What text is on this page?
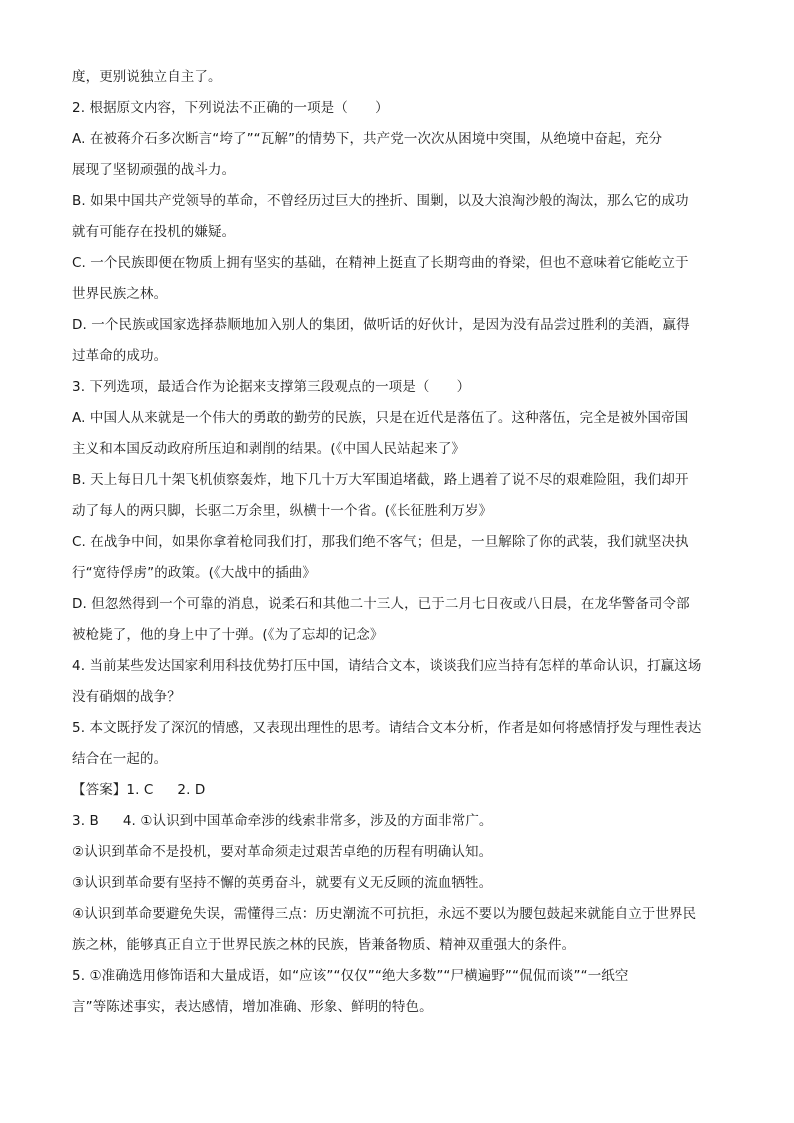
度，更别说独立自主了。
2. 根据原文内容，下列说法不正确的一项是（　　）
A. 在被蒋介石多次断言“垮了”“瓦解”的情势下，共产党一次次从困境中突围，从绝境中奋起，充分
展现了坚韧顽强的战斗力。
B. 如果中国共产党领导的革命，不曾经历过巨大的挫折、围剿，以及大浪淘沙般的淘汰，那么它的成功
就有可能存在投机的嫌疑。
C. 一个民族即便在物质上拥有坚实的基础，在精神上挺直了长期弯曲的脊梁，但也不意味着它能屹立于
世界民族之林。
D. 一个民族或国家选择恭顺地加入别人的集团，做听话的好伙计，是因为没有品尝过胜利的美酒，赢得
过革命的成功。
3. 下列选项，最适合作为论据来支撑第三段观点的一项是（　　）
A. 中国人从来就是一个伟大的勇敢的勤劳的民族，只是在近代是落伍了。这种落伍，完全是被外国帝国
主义和本国反动政府所压迫和剥削的结果。(《中国人民站起来了》
B. 天上每日几十架飞机侦察轰炸，地下几十万大军围追堵截，路上遇着了说不尽的艰难险阻，我们却开
动了每人的两只脚，长驱二万余里，纵横十一个省。(《长征胜利万岁》
C. 在战争中间，如果你拿着枪同我们打，那我们绝不客气；但是，一旦解除了你的武装，我们就坚决执
行“宽待俘虏”的政策。(《大战中的插曲》
D. 但忽然得到一个可靠的消息，说柔石和其他二十三人，已于二月七日夜或八日晨，在龙华警备司令部
被枪毙了，他的身上中了十弹。(《为了忘却的记念》
4. 当前某些发达国家利用科技优势打压中国，请结合文本，谈谈我们应当持有怎样的革命认识，打赢这场
没有硝烟的战争？
5. 本文既抒发了深沉的情感，又表现出理性的思考。请结合文本分析，作者是如何将感情抒发与理性表达
结合在一起的。
【答案】1. C 2. D
3. B 4. ①认识到中国革命牵涉的线索非常多，涉及的方面非常广。
②认识到革命不是投机，要对革命须走过艰苦卓绝的历程有明确认知。
③认识到革命要有坚持不懈的英勇奋斗，就要有义无反顾的流血牺牲。
④认识到革命要避免失误，需懂得三点：历史潮流不可抗拒，永远不要以为腰包鼓起来就能自立于世界民
族之林，能够真正自立于世界民族之林的民族，皆兼备物质、精神双重强大的条件。
5. ①准确选用修饰语和大量成语，如“应该”“仅仅”“绝大多数”“尸横遍野”“侃侃而谈”“一纸空
言”等陈述事实，表达感情，增加准确、形象、鲜明的特色。
